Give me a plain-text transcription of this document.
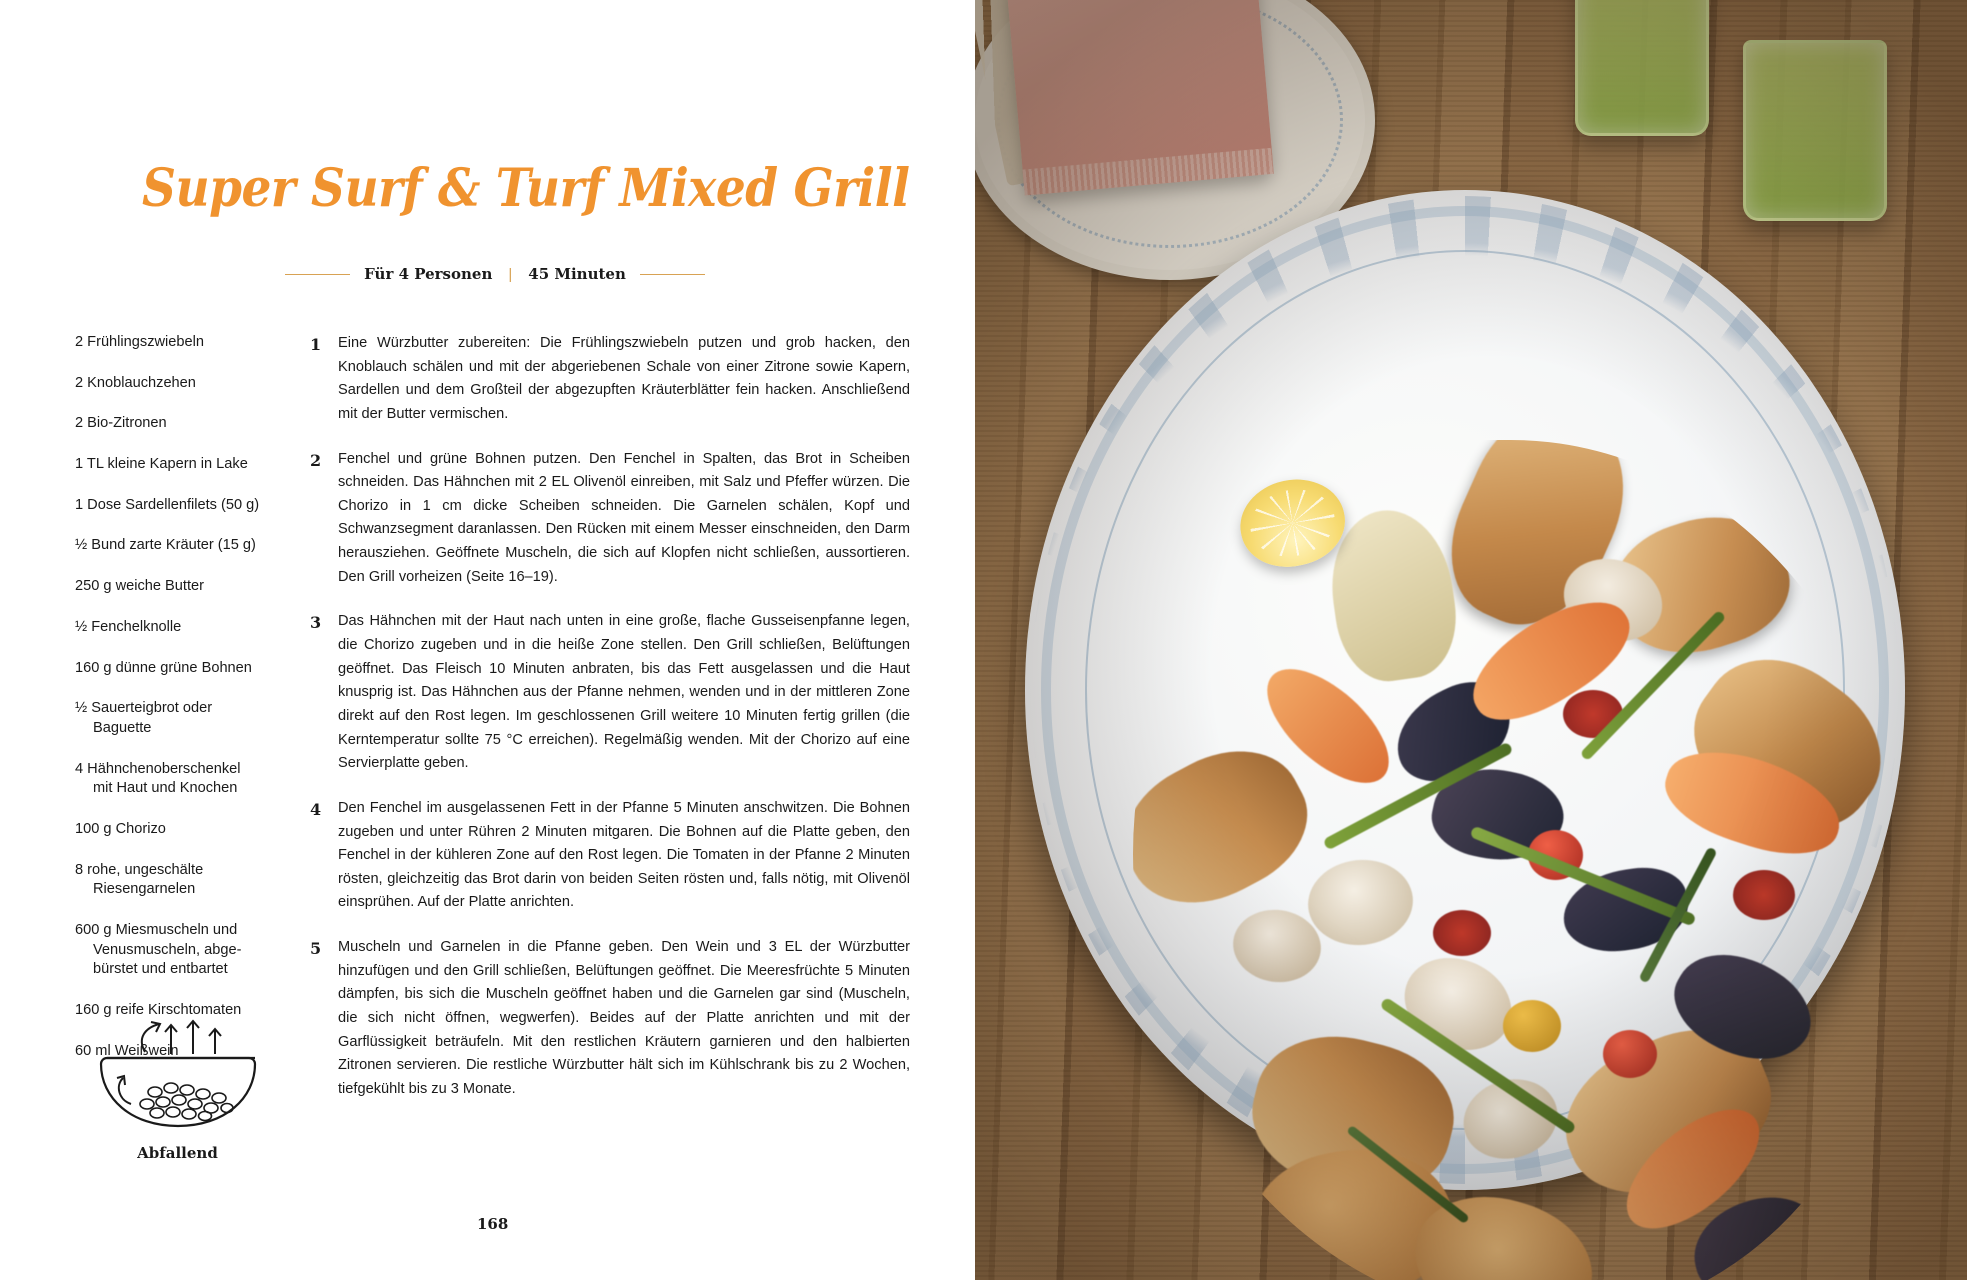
Super Surf & Turf Mixed Grill
Für 4 Personen | 45 Minuten
2 Frühlingszwiebeln
2 Knoblauchzehen
2 Bio-Zitronen
1 TL kleine Kapern in Lake
1 Dose Sardellenfilets (50 g)
½ Bund zarte Kräuter (15 g)
250 g weiche Butter
½ Fenchelknolle
160 g dünne grüne Bohnen
½ Sauerteigbrot oder
Baguette
4 Hähnchenoberschenkel
mit Haut und Knochen
100 g Chorizo
8 rohe, ungeschälte
Riesengarnelen
600 g Miesmuscheln und
Venusmuscheln, abge-bürstet und entbartet
160 g reife Kirschtomaten
60 ml Weißwein
1	Eine Würzbutter zubereiten: Die Frühlingszwiebeln putzen und grob hacken, den Knoblauch schälen und mit der abgeriebenen Schale von einer Zitrone sowie Kapern, Sardellen und dem Großteil der abgezupften Kräuterblätter fein hacken. Anschließend mit der Butter vermischen.
2	Fenchel und grüne Bohnen putzen. Den Fenchel in Spalten, das Brot in Scheiben schneiden. Das Hähnchen mit 2 EL Olivenöl einreiben, mit Salz und Pfeffer würzen. Die Chorizo in 1 cm dicke Scheiben schneiden. Die Garnelen schälen, Kopf und Schwanzsegment daranlassen. Den Rücken mit einem Messer einschneiden, den Darm herausziehen. Geöffnete Muscheln, die sich auf Klopfen nicht schließen, aussortieren. Den Grill vorheizen (Seite 16–19).
3	Das Hähnchen mit der Haut nach unten in eine große, flache Gusseisenpfanne legen, die Chorizo zugeben und in die heiße Zone stellen. Den Grill schließen, Belüftungen geöffnet. Das Fleisch 10 Minuten anbraten, bis das Fett ausgelassen und die Haut knusprig ist. Das Hähnchen aus der Pfanne nehmen, wenden und in der mittleren Zone direkt auf den Rost legen. Im geschlossenen Grill weitere 10 Minuten fertig grillen (die Kerntemperatur sollte 75 °C erreichen). Regelmäßig wenden. Mit der Chorizo auf eine Servierplatte geben.
4	Den Fenchel im ausgelassenen Fett in der Pfanne 5 Minuten anschwitzen. Die Bohnen zugeben und unter Rühren 2 Minuten mitgaren. Die Bohnen auf die Platte geben, den Fenchel in der kühleren Zone auf den Rost legen. Die Tomaten in der Pfanne 2 Minuten rösten, gleichzeitig das Brot darin von beiden Seiten rösten und, falls nötig, mit Olivenöl einsprühen. Auf der Platte anrichten.
5	Muscheln und Garnelen in die Pfanne geben. Den Wein und 3 EL der Würzbutter hinzufügen und den Grill schließen, Belüftungen geöffnet. Die Meeresfrüchte 5 Minuten dämpfen, bis sich die Muscheln geöffnet haben und die Garnelen gar sind (Muscheln, die sich nicht öffnen, wegwerfen). Beides auf der Platte anrichten und mit der Garflüssigkeit beträufeln. Mit den restlichen Kräutern garnieren und den halbierten Zitronen servieren. Die restliche Würzbutter hält sich im Kühlschrank bis zu 2 Wochen, tiefgekühlt bis zu 3 Monate.
Abfallend
168
